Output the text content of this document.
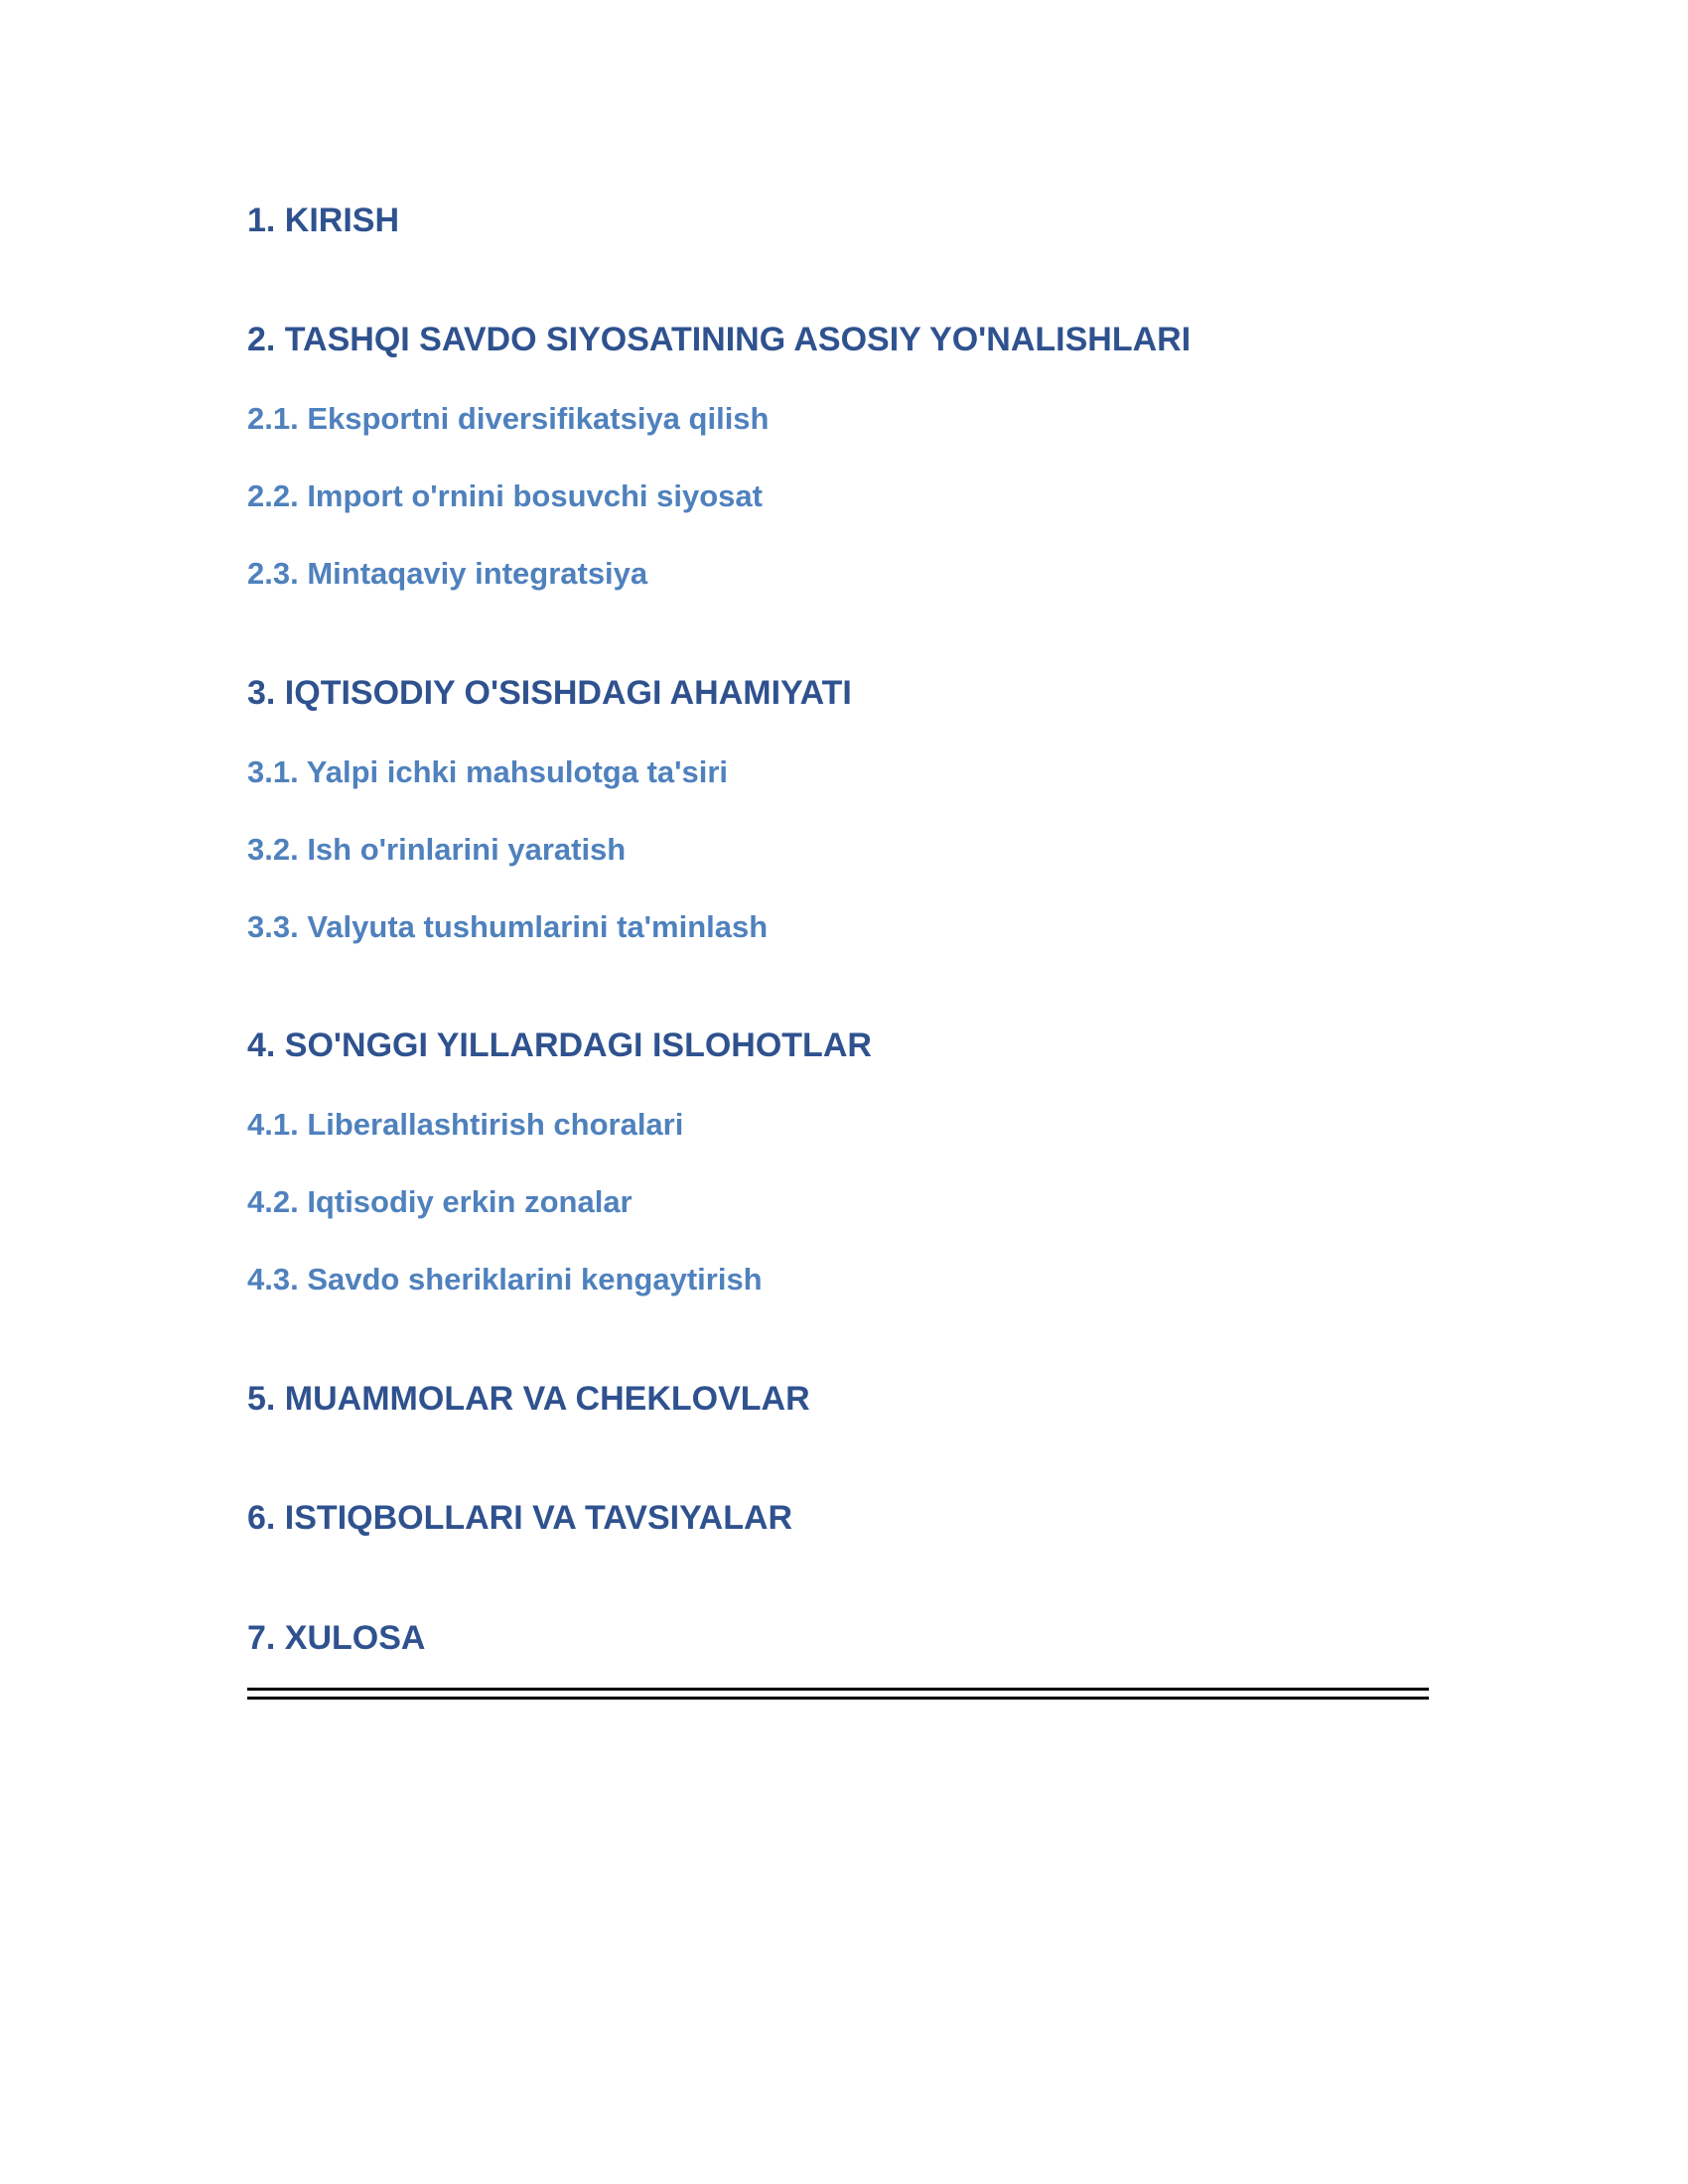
1. KIRISH
2. TASHQI SAVDO SIYOSATINING ASOSIY YO'NALISHLARI
2.1. Eksportni diversifikatsiya qilish
2.2. Import o'rnini bosuvchi siyosat
2.3. Mintaqaviy integratsiya
3. IQTISODIY O'SISHDAGI AHAMIYATI
3.1. Yalpi ichki mahsulotga ta'siri
3.2. Ish o'rinlarini yaratish
3.3. Valyuta tushumlarini ta'minlash
4. SO'NGGI YILLARDAGI ISLOHOTLAR
4.1. Liberallashtirish choralari
4.2. Iqtisodiy erkin zonalar
4.3. Savdo sheriklarini kengaytirish
5. MUAMMOLAR VA CHEKLOVLAR
6. ISTIQBOLLARI VA TAVSIYALAR
7. XULOSA
